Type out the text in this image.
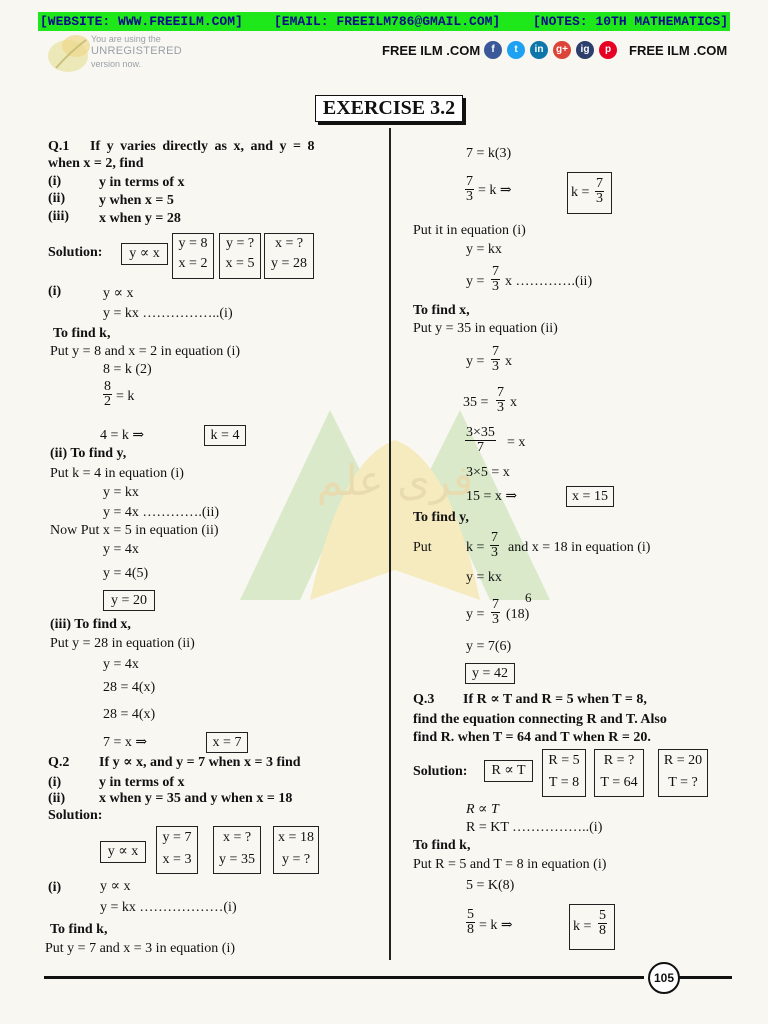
[WEBSITE: WWW.FREEILM.COM] [EMAIL: FREEILM786@GMAIL.COM]	[NOTES: 10TH MATHEMATICS]
You are using the
UNREGISTERED
version now.
FREE ILM .COM	f	t	in	g+	ig	p	FREE ILM .COM
EXERCISE 3.2
فری علم
Q.1 If y varies directly as x, and y = 8
when x = 2, find
(i)	y in terms of x
(ii) y when x = 5
(iii) x when y = 28
Solution:	y ∝ x
y = 8
x = 2
y = ?
x = 5
x = ?
y = 28
(i)	y ∝ x
y = kx ……………..(i)
To find k,
Put y = 8 and x = 2 in equation (i)
8 = k (2)
$\frac{8}{2} = k$
4 = k ⇒	k = 4
(ii) To find y,
Put k = 4 in equation (i)
y = kx
y = 4x ………….(ii)
Now Put x = 5 in equation (ii)
y = 4x
y = 4(5)
y = 20
(iii) To find x,
Put y = 28 in equation (ii)
y = 4x
28 = 4(x)
28 = 4(x)
7 = x ⇒	x = 7
Q.2 If y ∝ x, and y = 7 when x = 3 find
(i)	y in terms of x
(ii) x when y = 35 and y when x = 18
Solution:
y ∝ x
y = 7
x = 3
x = ?
y = 35
x = 18
y = ?
(i)	y ∝ x
y = kx ………………(i)
To find k,
Put y = 7 and x = 3 in equation (i)
7 = k(3)
$\frac{7}{3} = k$ ⇒	$k = \frac{7}{3}$
Put it in equation (i)
y = kx
$y = \frac{7}{3}$ x ………….(ii)
To find x,
Put y = 35 in equation (ii)
$y = \frac{7}{3}$ x
$35 = \frac{7}{3}$ x
$\frac{3\times 35}{7} = x$
3×5 = x
15 = x ⇒	x = 15
To find y,
Put $k = \frac{7}{3}$ and x = 18 in equation (i)
y = kx
6
$y = \frac{7}{3} (18)$
y = 7(6)
y = 42
Q.3 If R ∝ T and R = 5 when T = 8,
find the equation connecting R and T. Also
find R. when T = 64 and T when R = 20.
Solution:	R ∝ T
R = 5
T = 8
R = ?
T = 64
R = 20
T = ?
R ∝ T
R = KT ……………..(i)
To find k,
Put R = 5 and T = 8 in equation (i)
5 = K(8)
$\frac{5}{8} = k$ ⇒	$k = \frac{5}{8}$
105
